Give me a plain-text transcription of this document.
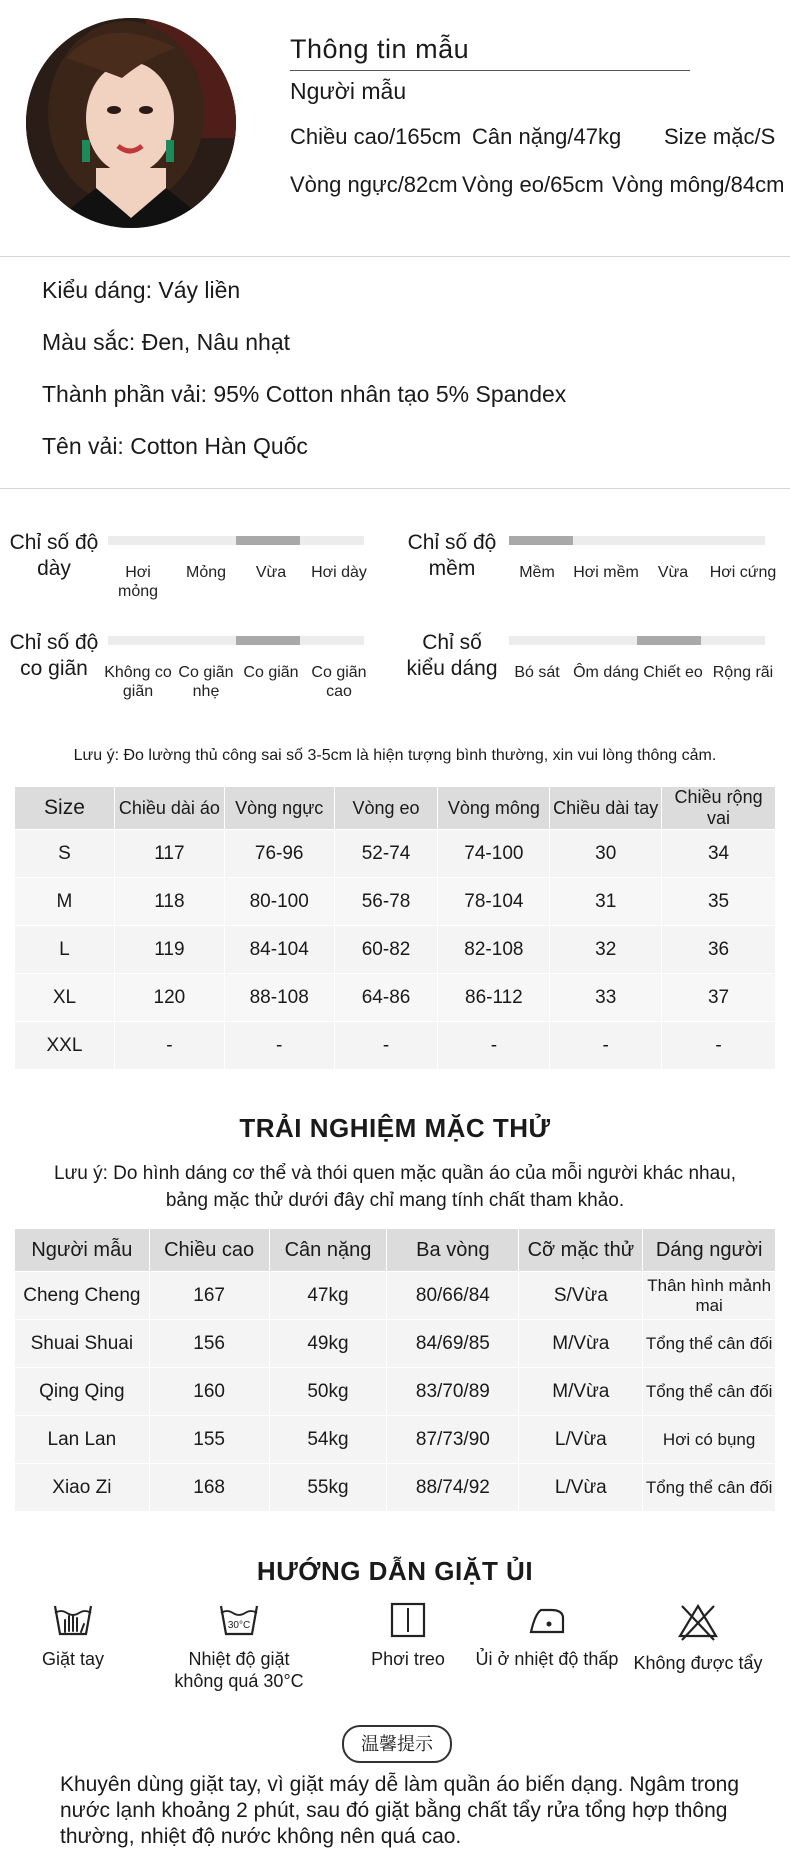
Thông tin mẫu
Người mẫu
Chiều cao/165cm Cân nặng/47kg Size mặc/S
Vòng ngực/82cm Vòng eo/65cm Vòng mông/84cm
Kiểu dáng: Váy liền
Màu sắc: Đen, Nâu nhạt
Thành phần vải: 95% Cotton nhân tạo 5% Spandex
Tên vải: Cotton Hàn Quốc
Chỉ số độ
dày	Hơi mỏng
Mỏng	Vừa	Hơi dày
Chỉ số độ
mềm	Mềm	Hơi mềm	Vừa	Hơi cứng
Chỉ số độ
co giãn	Không co giãn
Co giãn nhẹ
Co giãn Co giãn cao
Chỉ số
kiểu dáng	Bó sát Ôm dáng Chiết eo Rộng rãi
Lưu ý: Đo lường thủ công sai số 3-5cm là hiện tượng bình thường, xin vui lòng thông cảm.
Size	Chiều dài áo	Vòng ngực	Vòng eo	Vòng mông	Chiều dài tay	Chiều rộng vai
S	117	76-96	52-74	74-100	30	34
M	118	80-100	56-78	78-104	31	35
L	119	84-104	60-82	82-108	32	36
XL	120	88-108	64-86	86-112	33	37
XXL	-	-	-	-	-	-
TRẢI NGHIỆM MẶC THỬ
Lưu ý: Do hình dáng cơ thể và thói quen mặc quần áo của mỗi người khác nhau,
bảng mặc thử dưới đây chỉ mang tính chất tham khảo.
Người mẫu	Chiều cao	Cân nặng	Ba vòng	Cỡ mặc thử	Dáng người
Cheng Cheng	167	47kg	80/66/84	S/Vừa	Thân hình mảnh mai
Shuai Shuai	156	49kg	84/69/85	M/Vừa	Tổng thể cân đối
Qing Qing	160	50kg	83/70/89	M/Vừa	Tổng thể cân đối
Lan Lan	155	54kg	87/73/90	L/Vừa	Hơi có bụng
Xiao Zi	168	55kg	88/74/92	L/Vừa	Tổng thể cân đối
HƯỚNG DẪN GIẶT ỦI
Giặt tay
30°C
Nhiệt độ giặt không quá 30°C
Phơi treo	Ủi ở nhiệt độ thấp Không được tẩy
温馨提示
Khuyên dùng giặt tay, vì giặt máy dễ làm quần áo biến dạng. Ngâm trong nước lạnh khoảng 2 phút, sau đó giặt bằng chất tẩy rửa tổng hợp thông thường, nhiệt độ nước không nên quá cao.
